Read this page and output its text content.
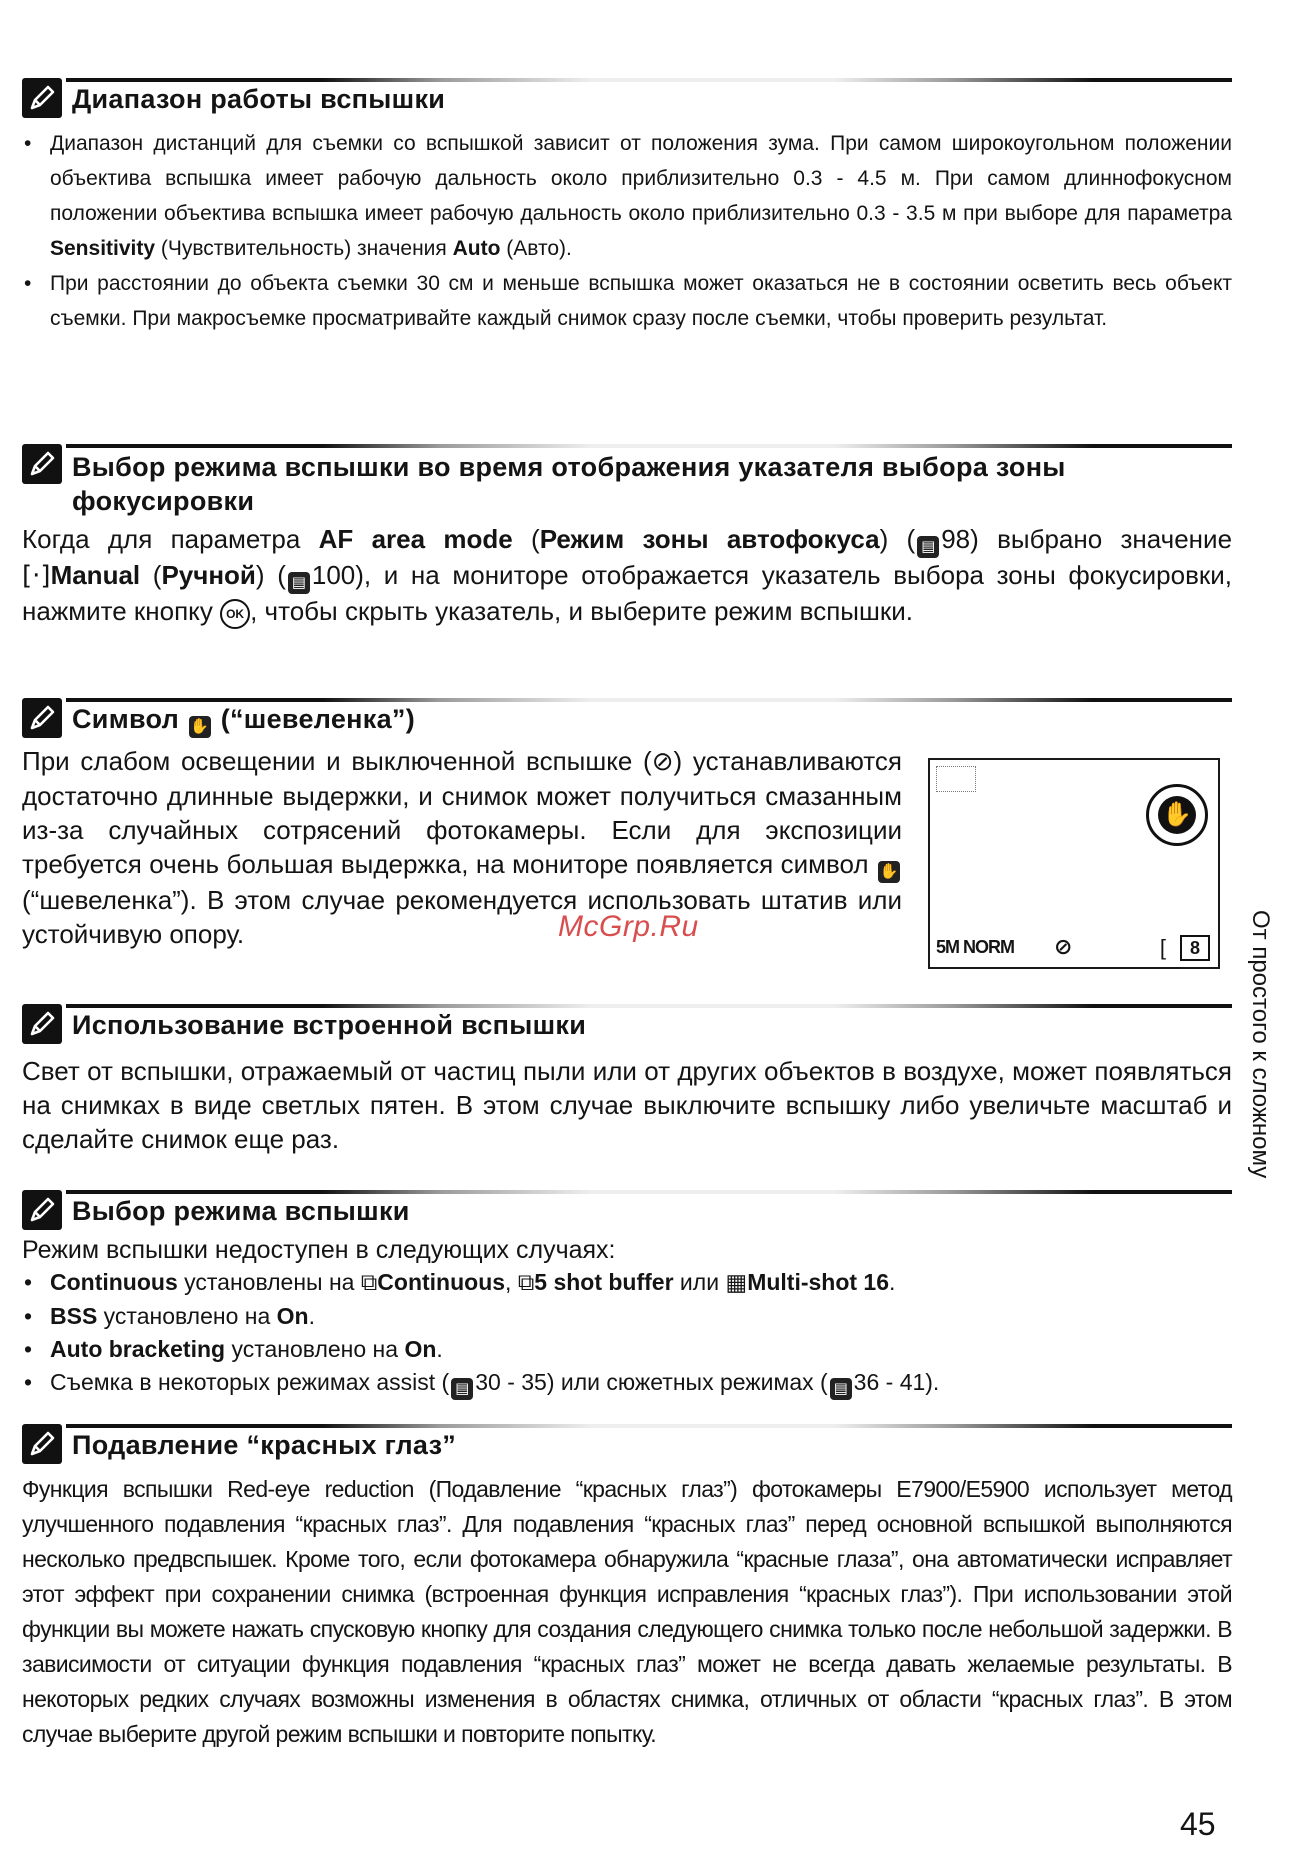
Диапазон работы вспышки
• Диапазон дистанций для съемки со вспышкой зависит от положения зума. При самом широкоугольном положении объектива вспышка имеет рабочую дальность около приблизительно 0.3 - 4.5 м. При самом длиннофокусном положении объектива вспышка имеет рабочую дальность около приблизительно 0.3 - 3.5 м при выборе для параметра Sensitivity (Чувствительность) значения Auto (Авто).
• При расстоянии до объекта съемки 30 см и меньше вспышка может оказаться не в состоянии осветить весь объект съемки. При макросъемке просматривайте каждый снимок сразу после съемки, чтобы проверить результат.
Выбор режима вспышки во время отображения указателя выбора зоны фокусировки
Когда для параметра AF area mode (Режим зоны автофокуса) ( ▤ 98) выбрано значение [·]Manual (Ручной) ( ▤ 100), и на мониторе отображается указатель выбора зоны фокусировки, нажмите кнопку OK , чтобы скрыть указатель, и выберите режим вспышки.
Символ ✋ (“шевеленка”)
При слабом освещении и выключенной вспышке (⊘) устанавливаются достаточно длинные выдержки, и снимок может получиться смазанным из-за случайных сотрясений фотокамеры. Если для экспозиции требуется очень большая выдержка, на мониторе появляется символ ✋ (“шевеленка”). В этом случае рекомендуется использовать штатив или устойчивую опору.
✋
5M NORM ⊘	[	8
Использование встроенной вспышки
Свет от вспышки, отражаемый от частиц пыли или от других объектов в воздухе, может появляться на снимках в виде светлых пятен. В этом случае выключите вспышку либо увеличьте масштаб и сделайте снимок еще раз.
Выбор режима вспышки
Режим вспышки недоступен в следующих случаях:
• Continuous установлены на ⧉Continuous, ⧉5 shot buffer или ▦Multi-shot 16.
• BSS установлено на On.
• Auto bracketing установлено на On.
• Съемка в некоторых режимах assist ( ▤ 30 - 35) или сюжетных режимах ( ▤ 36 - 41).
Подавление “красных глаз”
Функция вспышки Red-eye reduction (Подавление “красных глаз”) фотокамеры E7900/E5900 использует метод улучшенного подавления “красных глаз”. Для подавления “красных глаз” перед основной вспышкой выполняются несколько предвспышек. Кроме того, если фотокамера обнаружила “красные глаза”, она автоматически исправляет этот эффект при сохранении снимка (встроенная функция исправления “красных глаз”). При использовании этой функции вы можете нажать спусковую кнопку для создания следующего снимка только после небольшой задержки. В зависимости от ситуации функция подавления “красных глаз” может не всегда давать желаемые результаты. В некоторых редких случаях возможны изменения в областях снимка, отличных от области “красных глаз”. В этом случае выберите другой режим вспышки и повторите попытку.
McGrp.Ru	От простого к сложному
45
